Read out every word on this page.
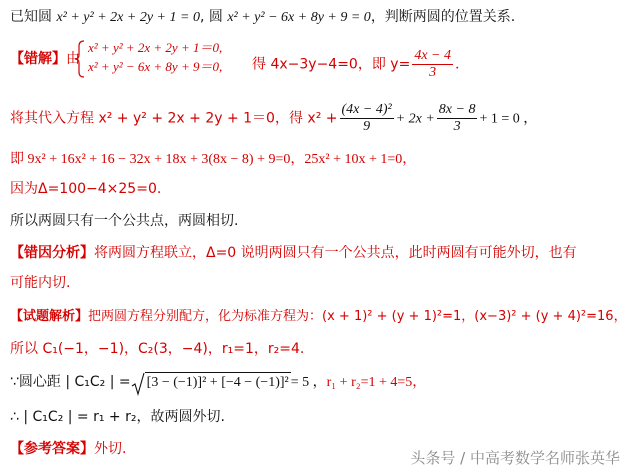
已知圆 x² + y² + 2x + 2y + 1 = 0, 圆 x² + y² − 6x + 8y + 9 = 0，判断两圆的位置关系.
【错解】由
x² + y² + 2x + 2y + 1＝0,
x² + y² − 6x + 8y + 9＝0, 得 4x−3y−4=0，即 $y= \frac{4x - 4}{3}$ .
将其代入方程 x² + y² + 2x + 2y + 1＝0，得 $x^2 + \frac{\text{(4x − 4)²}}{9} + 2x + \frac{8x - 8}{3} + 1 = 0$ ，
即 9x² + 16x² + 16 − 32x + 18x + 3(8x − 8) + 9=0，25x² + 10x + 1=0，
因为Δ=100−4×25=0.
所以两圆只有一个公共点，两圆相切.
【错因分析】将两圆方程联立，Δ=0 说明两圆只有一个公共点，此时两圆有可能外切，也有
可能内切.
【试题解析】把两圆方程分别配方，化为标准方程为：(x + 1)² + (y + 1)²=1，(x−3)² + (y + 4)²=16，
所以 C₁(−1，−1)，C₂(3，−4)，r₁=1，r₂=4.
∵圆心距 | C₁C₂ | = [3 − (−1)]² + [−4 − (−1)]² = 5 ，r₁ + r₂=1 + 4=5，
∴ | C₁C₂ | = r₁ + r₂，故两圆外切.
【参考答案】外切.	头条号 / 中高考数学名师张英华
